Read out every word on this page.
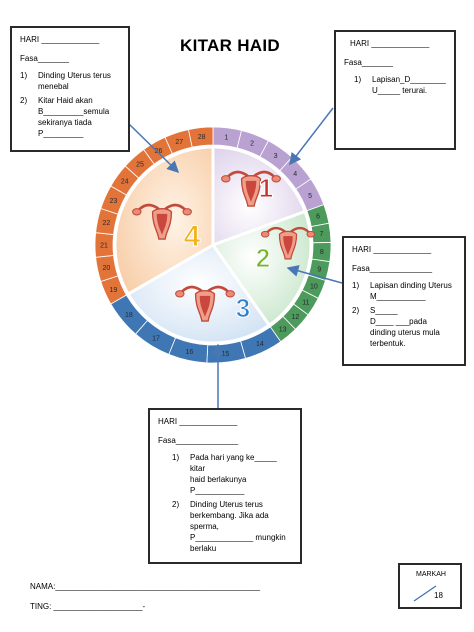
KITAR HAID
1
2
3
4
5
6
7
8
9
10
11
12
13
14
15
16
17
18
19
20
21
22
23
24
25
26
27
28
1
2
3
4
HARI _____________
Fasa_______
1)	Dinding Uterus terus
menebal
2)	Kitar Haid akan
B_________semula
sekiranya tiada
P_________
HARI _____________
Fasa_______
1)	Lapisan_D________
U_____ terurai.
HARI _____________
Fasa______________
1)	Lapisan dinding Uterus
M___________
2)	S_____
D____ ___pada
dinding uterus mula
terbentuk.
HARI _____________
Fasa______________
1)	Pada hari yang ke_____ kitar
haid berlakunya
P___________
2)	Dinding Uterus terus
berkembang. Jika ada sperma,
P_____________ mungkin
berlaku
NAMA:______________________________________________
TING: ____________________-
MARKAH
18
